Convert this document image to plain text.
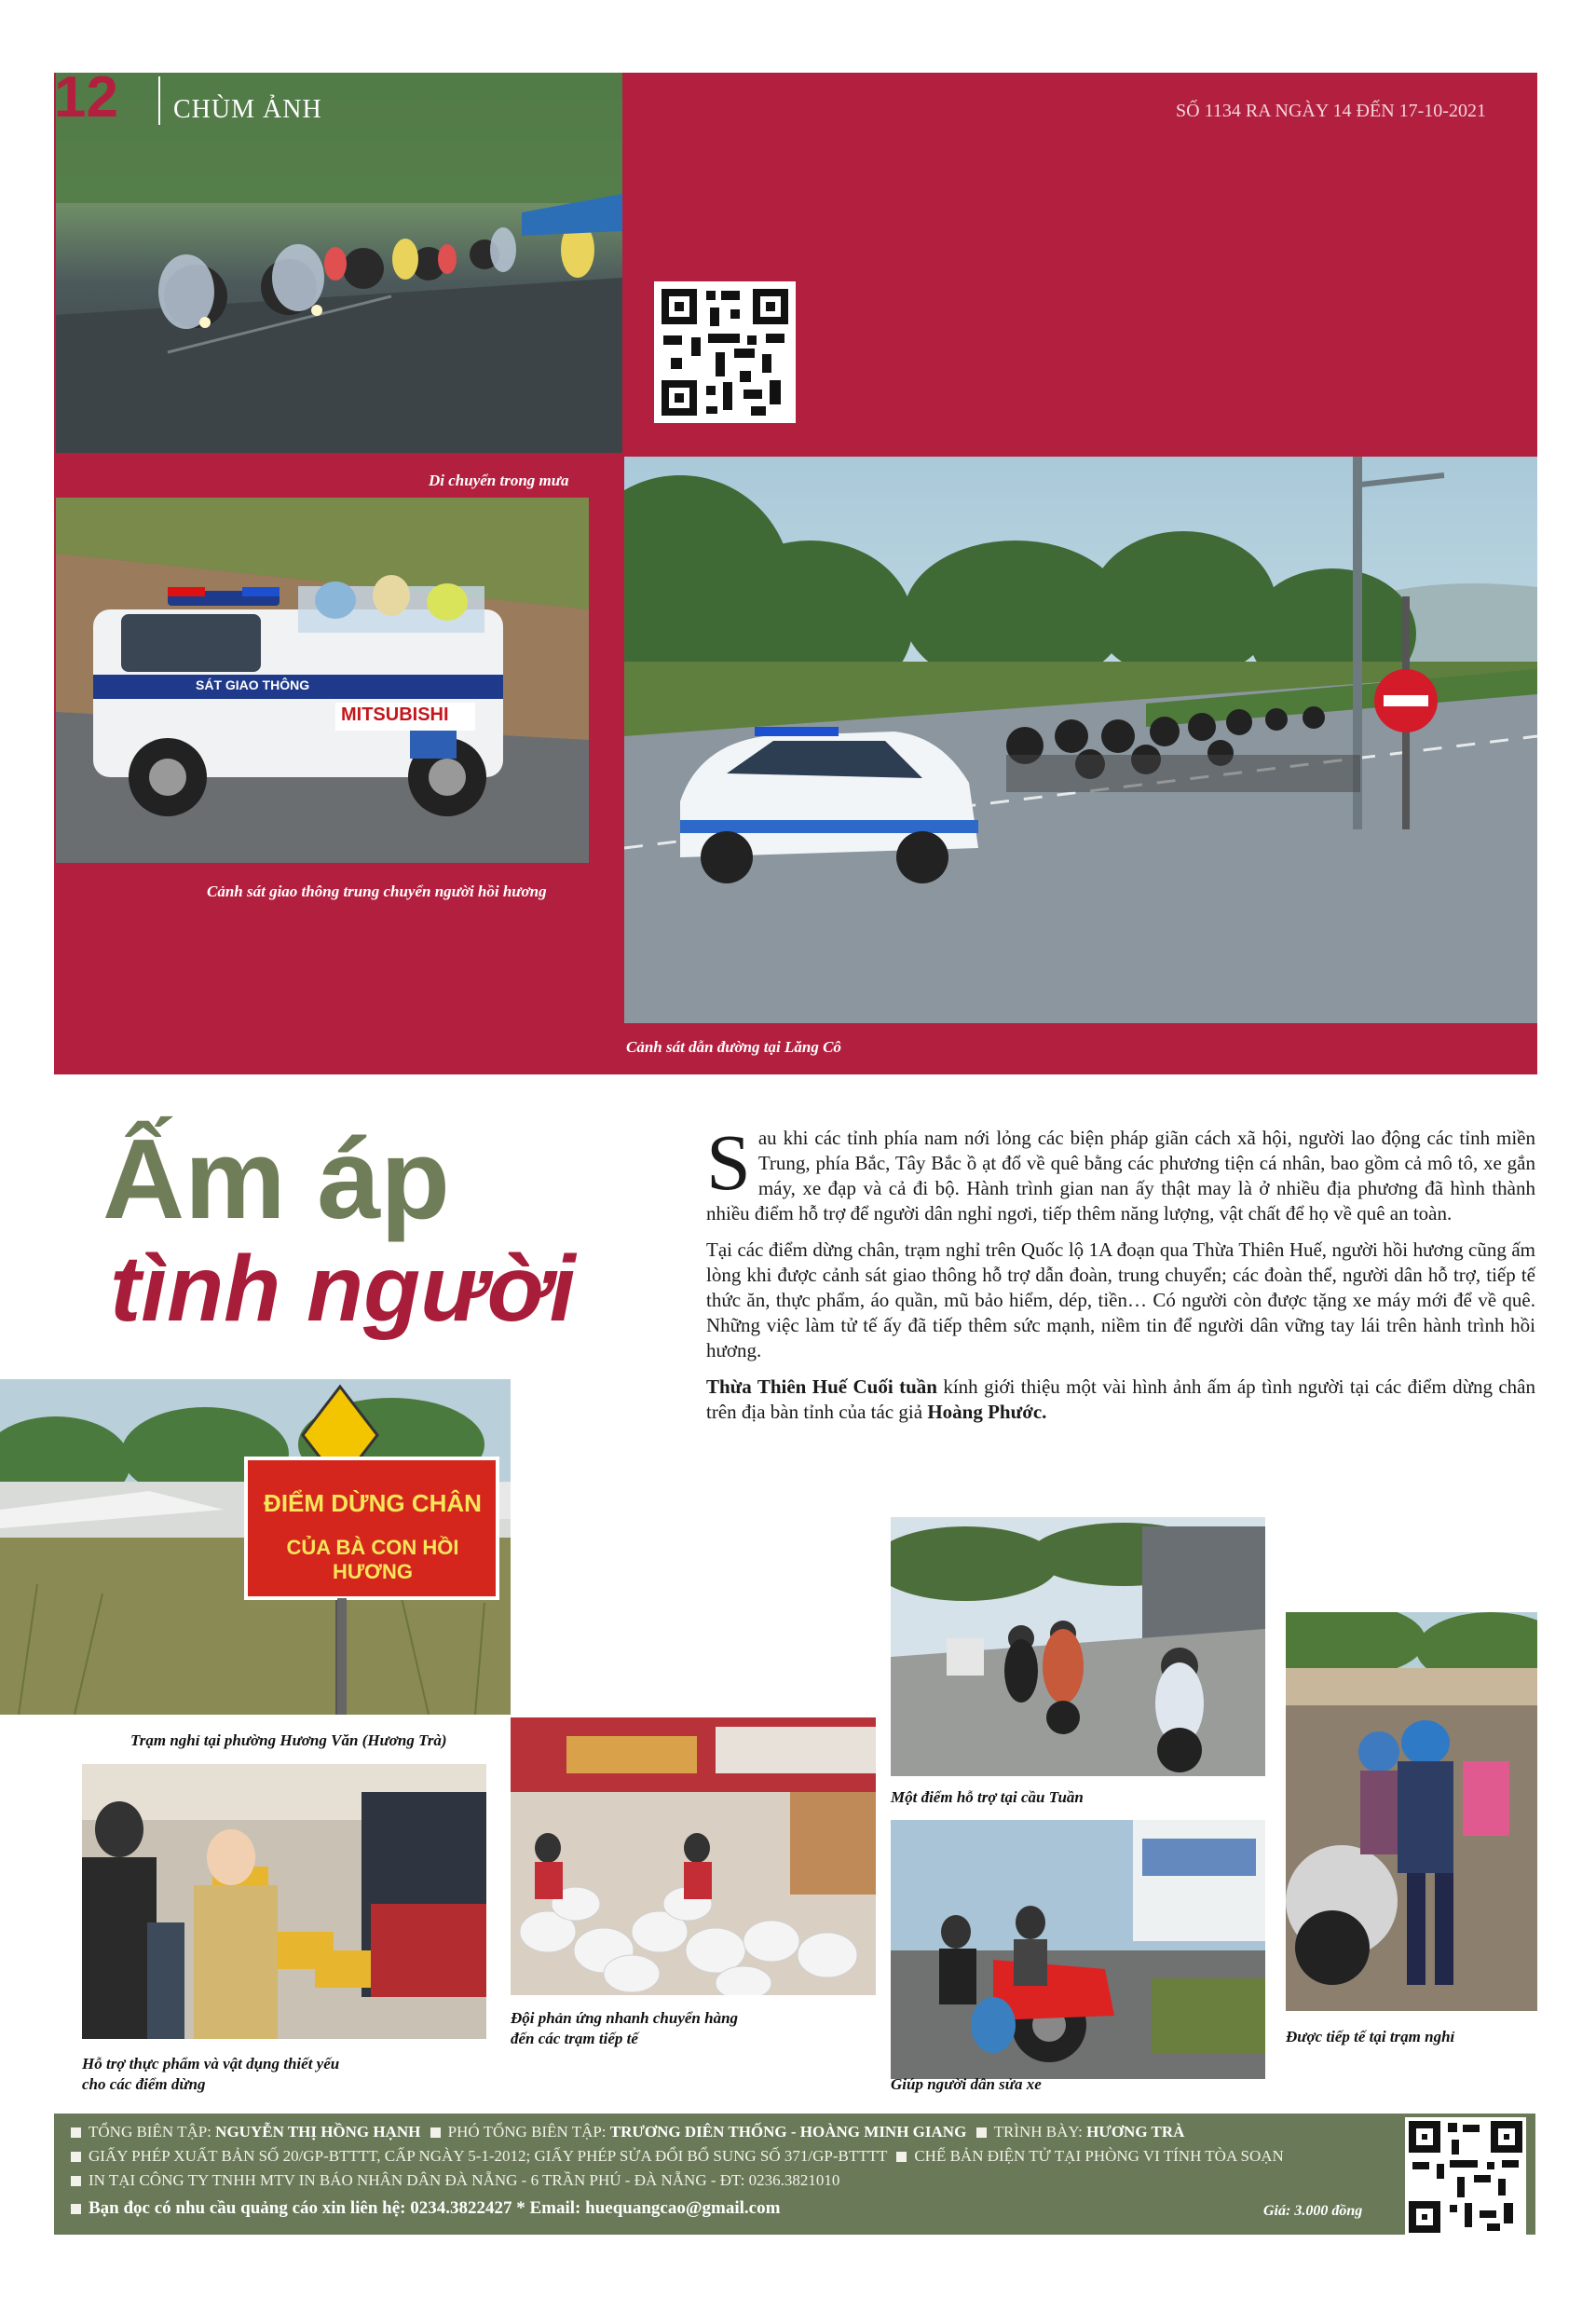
12 CHÙM ẢNH	SỐ 1134 RA NGÀY 14 ĐẾN 17-10-2021
Di chuyển trong mưa
MITSUBISHI
SÁT GIAO THÔNG
Cảnh sát giao thông trung chuyển người hồi hương
Cảnh sát dẫn đường tại Lăng Cô
Ấm áp
tình người

Sau khi các tỉnh phía nam nới lỏng các biện pháp giãn cách xã hội, người lao động các tỉnh miền Trung, phía Bắc, Tây Bắc ồ ạt đổ về quê bằng các phương tiện cá nhân, bao gồm cả mô tô, xe gắn máy, xe đạp và cả đi bộ. Hành trình gian nan ấy thật may là ở nhiều địa phương đã hình thành nhiều điểm hỗ trợ để người dân nghỉ ngơi, tiếp thêm năng lượng, vật chất để họ về quê an toàn.

Tại các điểm dừng chân, trạm nghỉ trên Quốc lộ 1A đoạn qua Thừa Thiên Huế, người hồi hương cũng ấm lòng khi được cảnh sát giao thông hỗ trợ dẫn đoàn, trung chuyển; các đoàn thể, người dân hỗ trợ, tiếp tế thức ăn, thực phẩm, áo quần, mũ bảo hiểm, dép, tiền… Có người còn được tặng xe máy mới để về quê. Những việc làm tử tế ấy đã tiếp thêm sức mạnh, niềm tin để người dân vững tay lái trên hành trình hồi hương.

Thừa Thiên Huế Cuối tuần kính giới thiệu một vài hình ảnh ấm áp tình người tại các điểm dừng chân trên địa bàn tỉnh của tác giả Hoàng Phước.

ĐIỂM DỪNG CHÂN
CỦA BÀ CON HỒI HƯƠNG
Trạm nghỉ tại phường Hương Văn (Hương Trà)
Hỗ trợ thực phẩm và vật dụng thiết yếu
cho các điểm dừng
Đội phản ứng nhanh chuyển hàng
đến các trạm tiếp tế
Một điểm hỗ trợ tại cầu Tuần
Giúp người dân sửa xe
Được tiếp tế tại trạm nghỉ
TỔNG BIÊN TẬP: NGUYỄN THỊ HỒNG HẠNH PHÓ TỔNG BIÊN TẬP: TRƯƠNG DIÊN THỐNG - HOÀNG MINH GIANG TRÌNH BÀY: HƯƠNG TRÀ
GIẤY PHÉP XUẤT BẢN SỐ 20/GP-BTTTT, CẤP NGÀY 5-1-2012; GIẤY PHÉP SỬA ĐỔI BỔ SUNG SỐ 371/GP-BTTTT CHẾ BẢN ĐIỆN TỬ TẠI PHÒNG VI TÍNH TÒA SOẠN
IN TẠI CÔNG TY TNHH MTV IN BÁO NHÂN DÂN ĐÀ NẴNG - 6 TRẦN PHÚ - ĐÀ NẴNG - ĐT: 0236.3821010
Bạn đọc có nhu cầu quảng cáo xin liên hệ: 0234.3822427 * Email: huequangcao@gmail.com	Giá: 3.000 đồng
